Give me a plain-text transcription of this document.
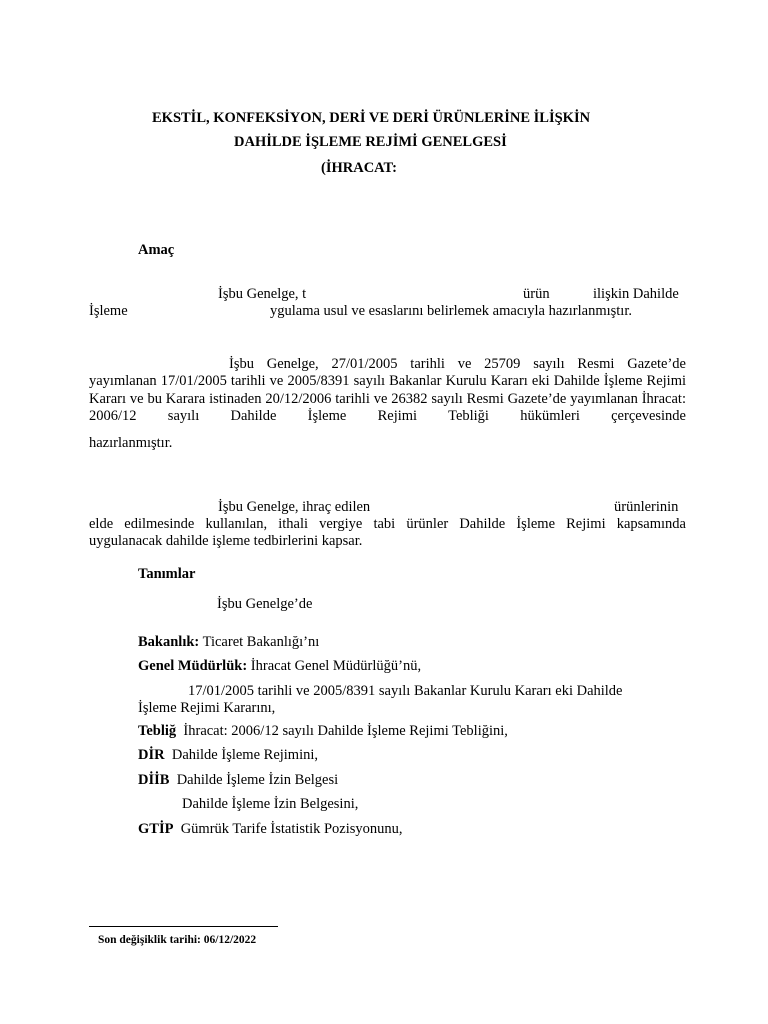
EKSTİL, KONFEKSİYON, DERİ VE DERİ ÜRÜNLERİNE İLİŞKİN
DAHİLDE İŞLEME REJİMİ GENELGESİ
(İHRACAT:
Amaç
İşbu Genelge, t	ürün	ilişkin Dahilde
İşleme	ygulama usul ve esaslarını belirlemek amacıyla hazırlanmıştır.
İşbu Genelge, 27/01/2005 tarihli ve 25709 sayılı Resmi Gazete’de
yayımlanan 17/01/2005 tarihli ve 2005/8391 sayılı Bakanlar Kurulu Kararı eki Dahilde İşleme Rejimi Kararı ve bu Karara istinaden 20/12/2006 tarihli ve 26382 sayılı Resmi Gazete’de yayımlanan İhracat: 2006/12 sayılı Dahilde İşleme Rejimi Tebliği hükümleri çerçevesinde
hazırlanmıştır.
İşbu Genelge, ihraç edilen	ürünlerinin
elde edilmesinde kullanılan, ithali vergiye tabi ürünler Dahilde İşleme Rejimi kapsamında
uygulanacak dahilde işleme tedbirlerini kapsar.
Tanımlar
İşbu Genelge’de
Bakanlık: Ticaret Bakanlığı’nı
Genel Müdürlük: İhracat Genel Müdürlüğü’nü,
17/01/2005 tarihli ve 2005/8391 sayılı Bakanlar Kurulu Kararı eki Dahilde
İşleme Rejimi Kararını,
Tebliğ  İhracat: 2006/12 sayılı Dahilde İşleme Rejimi Tebliğini,
DİR  Dahilde İşleme Rejimini,
DİİB  Dahilde İşleme İzin Belgesi
Dahilde İşleme İzin Belgesini,
GTİP  Gümrük Tarife İstatistik Pozisyonunu,
Son değişiklik tarihi: 06/12/2022
